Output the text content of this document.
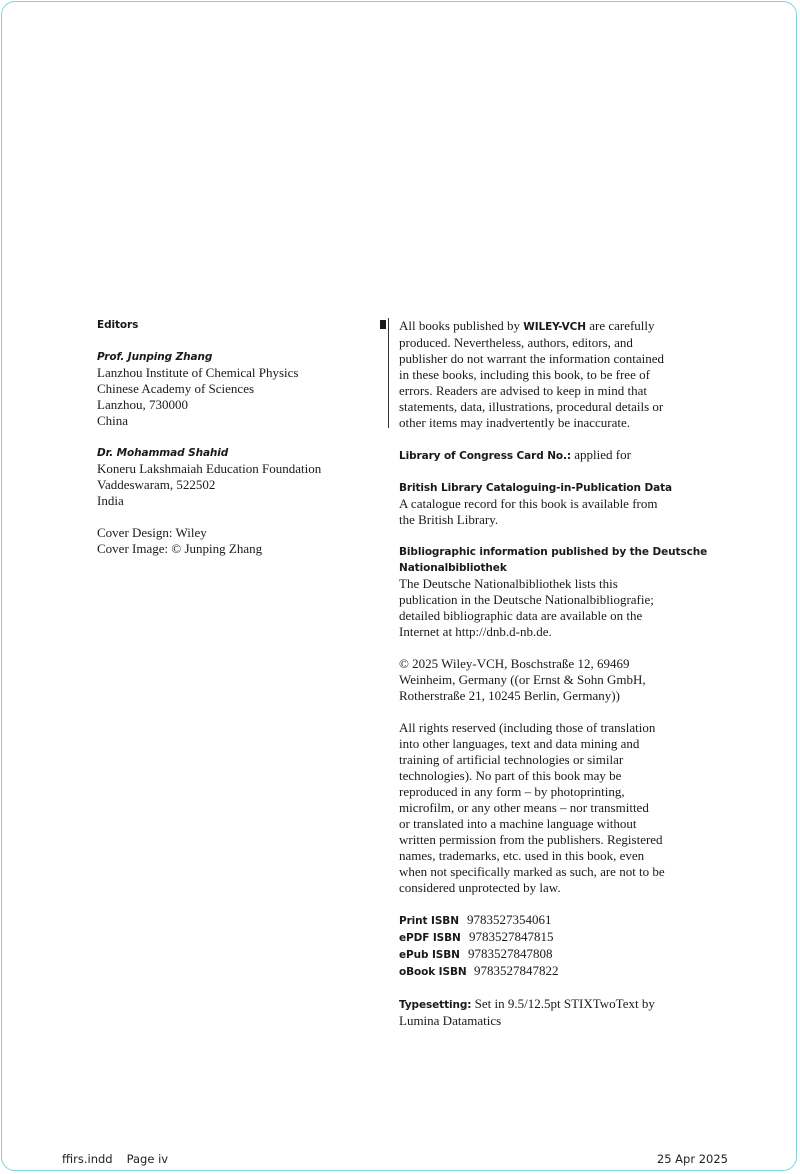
Editors
Prof. Junping Zhang
Lanzhou Institute of Chemical Physics
Chinese Academy of Sciences
Lanzhou, 730000
China
Dr. Mohammad Shahid
Koneru Lakshmaiah Education Foundation
Vaddeswaram, 522502
India
Cover Design: Wiley
Cover Image: © Junping Zhang
All books published by WILEY-VCH are carefully
produced. Nevertheless, authors, editors, and
publisher do not warrant the information contained
in these books, including this book, to be free of
errors. Readers are advised to keep in mind that
statements, data, illustrations, procedural details or
other items may inadvertently be inaccurate.
Library of Congress Card No.: applied for
British Library Cataloguing-in-Publication Data
A catalogue record for this book is available from
the British Library.
Bibliographic information published by the Deutsche
Nationalbibliothek
The Deutsche Nationalbibliothek lists this
publication in the Deutsche Nationalbibliografie;
detailed bibliographic data are available on the
Internet at http://dnb.d-nb.de.
© 2025 Wiley-VCH, Boschstraße 12, 69469
Weinheim, Germany ((or Ernst & Sohn GmbH,
Rotherstraße 21, 10245 Berlin, Germany))
All rights reserved (including those of translation
into other languages, text and data mining and
training of artificial technologies or similar
technologies). No part of this book may be
reproduced in any form – by photoprinting,
microfilm, or any other means – nor transmitted
or translated into a machine language without
written permission from the publishers. Registered
names, trademarks, etc. used in this book, even
when not specifically marked as such, are not to be
considered unprotected by law.
Print ISBN 9783527354061
ePDF ISBN 9783527847815
ePub ISBN 9783527847808
oBook ISBN 9783527847822
Typesetting: Set in 9.5/12.5pt STIXTwoText by
Lumina Datamatics
ffirs.indd Page iv	25 Apr 2025
